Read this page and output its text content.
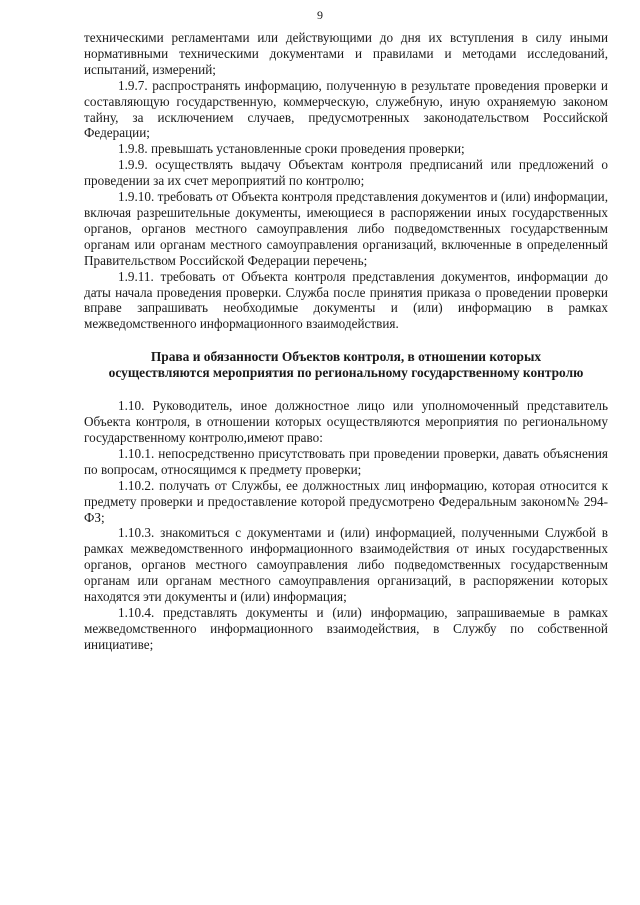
9

техническими регламентами или действующими до дня их вступления в силу иными нормативными техническими документами и правилами и методами исследований, испытаний, измерений;

1.9.7. распространять информацию, полученную в результате проведения проверки и составляющую государственную, коммерческую, служебную, иную охраняемую законом тайну, за исключением случаев, предусмотренных законодательством Российской Федерации;

1.9.8. превышать установленные сроки проведения проверки;

1.9.9. осуществлять выдачу Объектам контроля предписаний или предложений о проведении за их счет мероприятий по контролю;

1.9.10. требовать от Объекта контроля представления документов и (или) информации, включая разрешительные документы, имеющиеся в распоряжении иных государственных органов, органов местного самоуправления либо подведомственных государственным органам или органам местного самоуправления организаций, включенные в определенный Правительством Российской Федерации перечень;

1.9.11. требовать от Объекта контроля представления документов, информации до даты начала проведения проверки. Служба после принятия приказа о проведении проверки вправе запрашивать необходимые документы и (или) информацию в рамках межведомственного информационного взаимодействия.

Права и обязанности Объектов контроля, в отношении которых осуществляются мероприятия по региональному государственному контролю

1.10. Руководитель, иное должностное лицо или уполномоченный представитель Объекта контроля, в отношении которых осуществляются мероприятия по региональному государственному контролю,имеют право:

1.10.1. непосредственно присутствовать при проведении проверки, давать объяснения по вопросам, относящимся к предмету проверки;

1.10.2. получать от Службы, ее должностных лиц информацию, которая относится к предмету проверки и предоставление которой предусмотрено Федеральным законом№ 294-ФЗ;

1.10.3. знакомиться с документами и (или) информацией, полученными Службой в рамках межведомственного информационного взаимодействия от иных государственных органов, органов местного самоуправления либо подведомственных государственным органам или органам местного самоуправления организаций, в распоряжении которых находятся эти документы и (или) информация;

1.10.4. представлять документы и (или) информацию, запрашиваемые в рамках межведомственного информационного взаимодействия, в Службу по собственной инициативе;
